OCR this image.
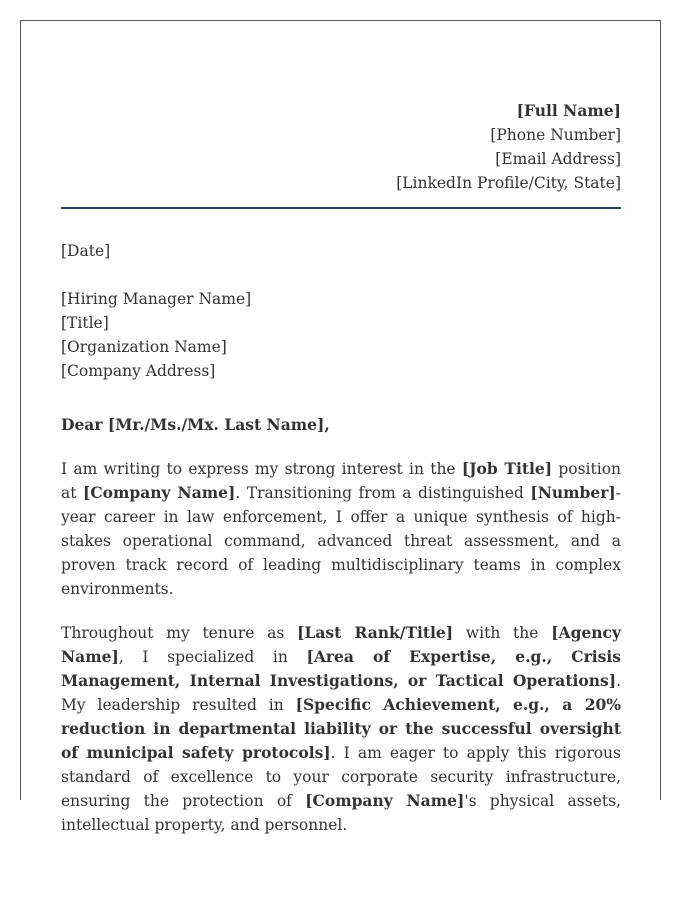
[Full Name]
[Phone Number]
[Email Address]
[LinkedIn Profile/City, State]
[Date]
[Hiring Manager Name]
[Title]
[Organization Name]
[Company Address]
Dear [Mr./Ms./Mx. Last Name],
I am writing to express my strong interest in the [Job Title] position at [Company Name]. Transitioning from a distinguished [Number]-year career in law enforcement, I offer a unique synthesis of high-stakes operational command, advanced threat assessment, and a proven track record of leading multidisciplinary teams in complex environments.
Throughout my tenure as [Last Rank/Title] with the [Agency Name], I specialized in [Area of Expertise, e.g., Crisis Management, Internal Investigations, or Tactical Operations]. My leadership resulted in [Specific Achievement, e.g., a 20% reduction in departmental liability or the successful oversight of municipal safety protocols]. I am eager to apply this rigorous standard of excellence to your corporate security infrastructure, ensuring the protection of [Company Name]'s physical assets, intellectual property, and personnel.
